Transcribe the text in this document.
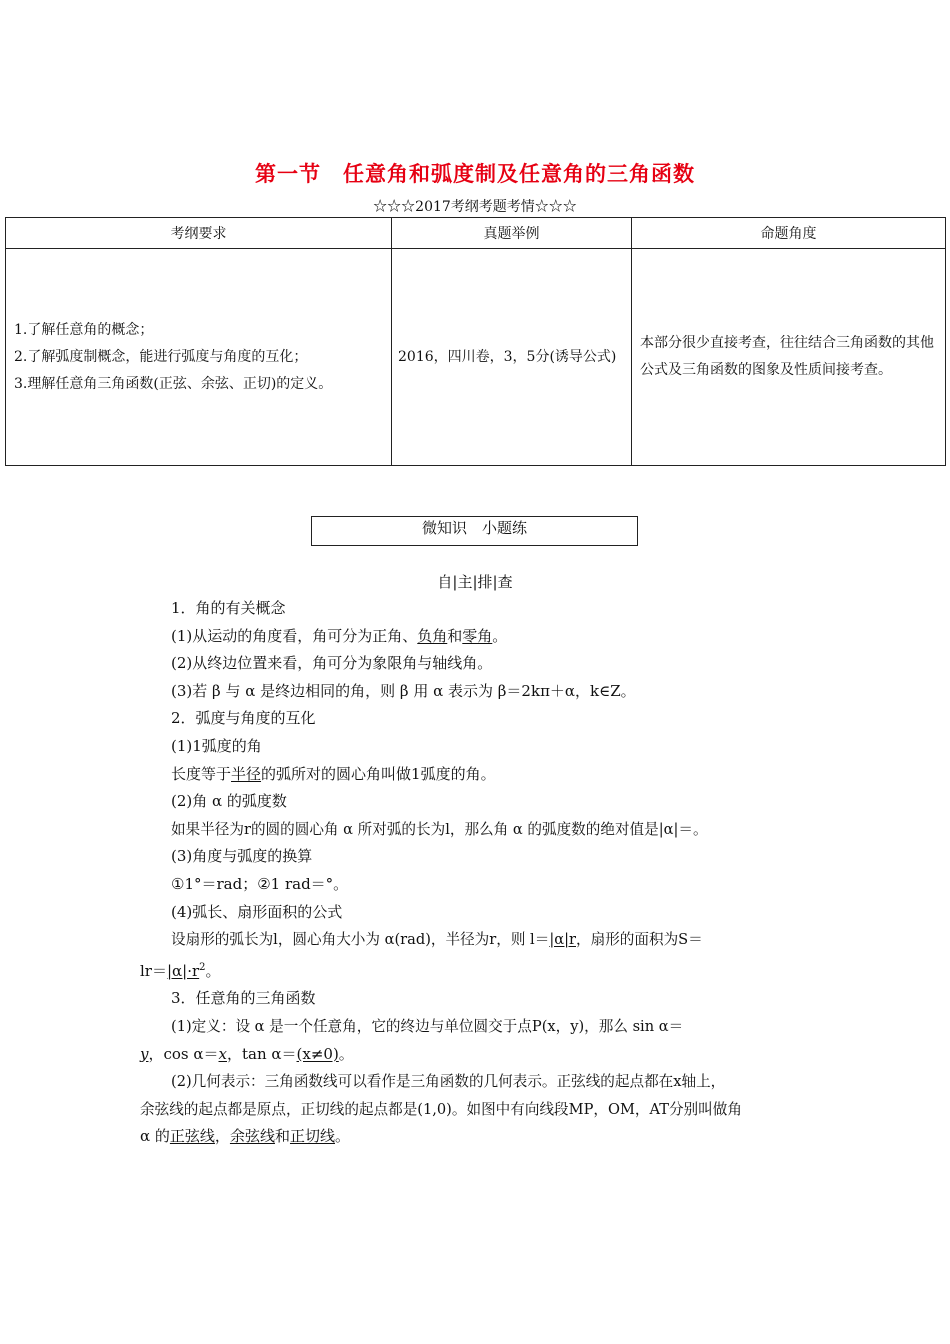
第一节　任意角和弧度制及任意角的三角函数
☆☆☆2017考纲考题考情☆☆☆
考纲要求	真题举例	命题角度

1.了解任意角的概念；
2.了解弧度制概念，能进行弧度与角度的互化；
3.理解任意角三角函数(正弦、余弦、正切)的定义。	2016，四川卷，3，5分(诱导公式)	本部分很少直接考查，往往结合三角函数的其他公式及三角函数的图象及性质间接考查。
微知识　小题练
自|主|排|查
1．角的有关概念
(1)从运动的角度看，角可分为正角、负角和零角。
(2)从终边位置来看，角可分为象限角与轴线角。
(3)若 β 与 α 是终边相同的角，则 β 用 α 表示为 β＝2kπ＋α，k∈Z。
2．弧度与角度的互化
(1)1弧度的角
长度等于半径的弧所对的圆心角叫做1弧度的角。
(2)角 α 的弧度数
如果半径为r的圆的圆心角 α 所对弧的长为l，那么角 α 的弧度数的绝对值是|α|＝。
(3)角度与弧度的换算
①1°＝rad；②1 rad＝°。
(4)弧长、扇形面积的公式
设扇形的弧长为l，圆心角大小为 α(rad)，半径为r，则 l＝|α|r，扇形的面积为S＝
$lr=|\alpha|\cdot r^2$。
3．任意角的三角函数
(1)定义：设 α 是一个任意角，它的终边与单位圆交于点P(x，y)，那么 sin α＝
y，cos α＝x，tan α＝(x≠0)。
(2)几何表示：三角函数线可以看作是三角函数的几何表示。正弦线的起点都在x轴上，
余弦线的起点都是原点，正切线的起点都是(1,0)。如图中有向线段MP，OM，AT分别叫做角
α 的正弦线，余弦线和正切线。
